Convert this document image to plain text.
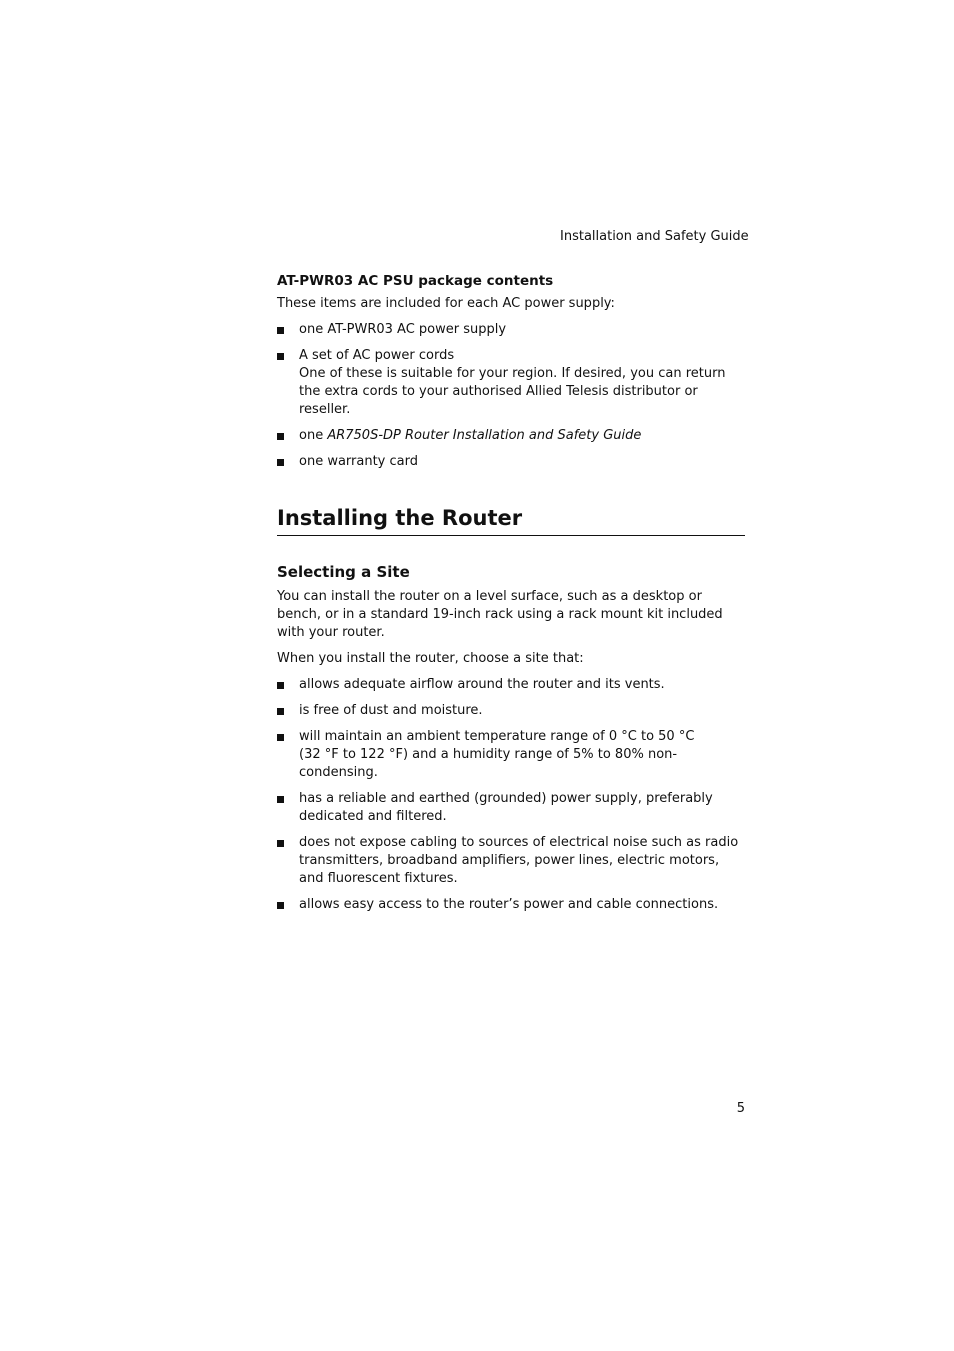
Installation and Safety Guide
AT-PWR03 AC PSU package contents
These items are included for each AC power supply:
one AT-PWR03 AC power supply
A set of AC power cords
One of these is suitable for your region. If desired, you can return the extra cords to your authorised Allied Telesis distributor or reseller.
one AR750S-DP Router Installation and Safety Guide
one warranty card
Installing the Router
Selecting a Site
You can install the router on a level surface, such as a desktop or bench, or in a standard 19-inch rack using a rack mount kit included with your router.
When you install the router, choose a site that:
allows adequate airflow around the router and its vents.
is free of dust and moisture.
will maintain an ambient temperature range of 0 °C to 50 °C
(32 °F to 122 °F) and a humidity range of 5% to 80% non-condensing.
has a reliable and earthed (grounded) power supply, preferably dedicated and filtered.
does not expose cabling to sources of electrical noise such as radio transmitters, broadband amplifiers, power lines, electric motors, and fluorescent fixtures.
allows easy access to the router’s power and cable connections.
5
